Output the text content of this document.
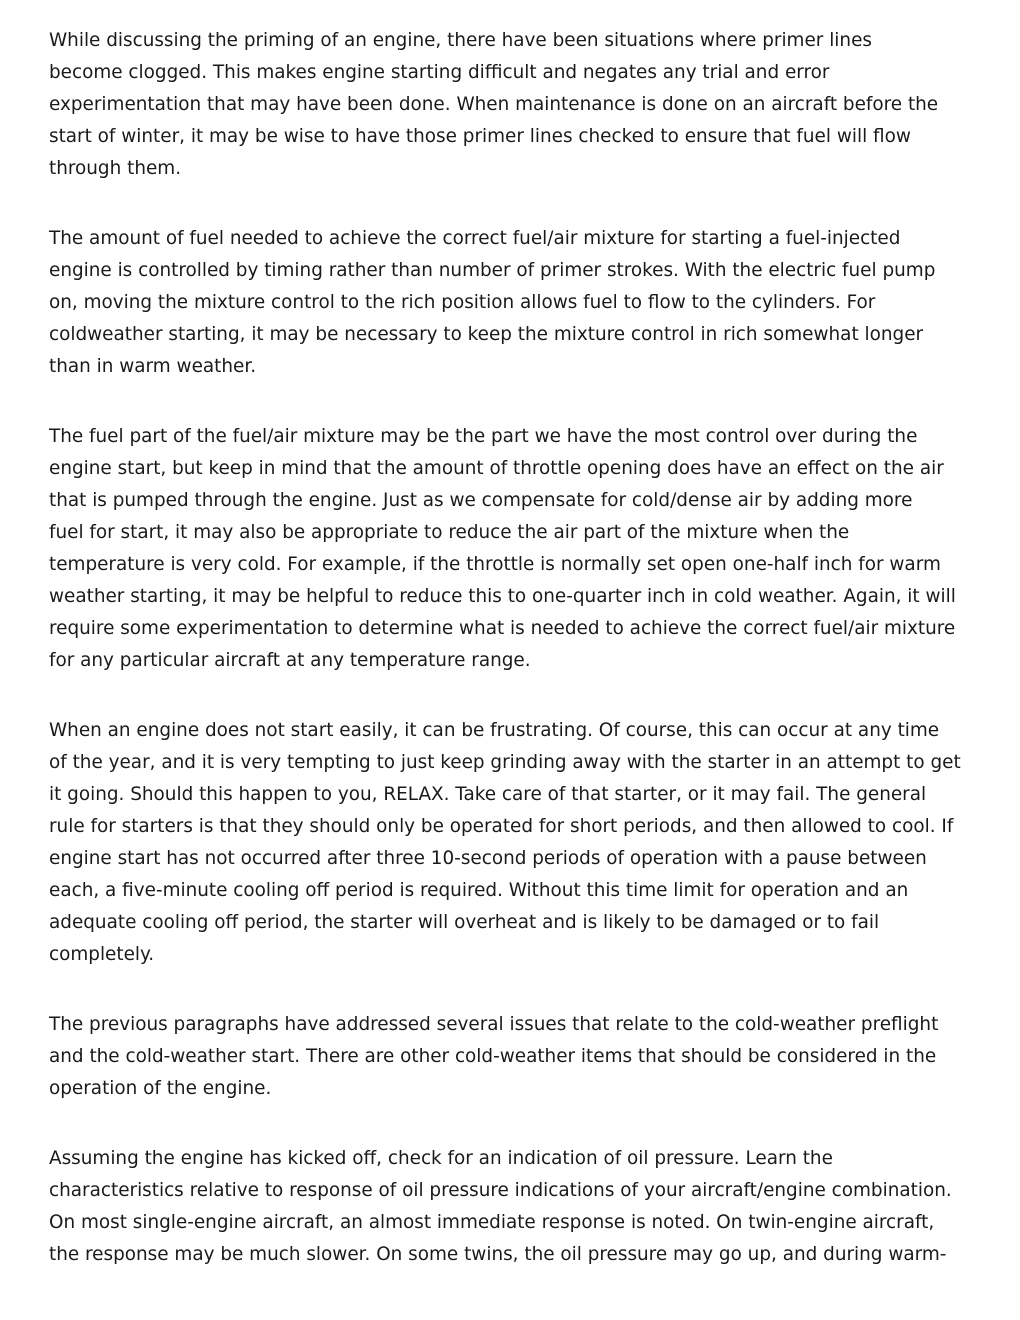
While discussing the priming of an engine, there have been situations where primer lines
become clogged. This makes engine starting difficult and negates any trial and error
experimentation that may have been done. When maintenance is done on an aircraft before the
start of winter, it may be wise to have those primer lines checked to ensure that fuel will flow
through them.

The amount of fuel needed to achieve the correct fuel/air mixture for starting a fuel-injected
engine is controlled by timing rather than number of primer strokes. With the electric fuel pump
on, moving the mixture control to the rich position allows fuel to flow to the cylinders. For
coldweather starting, it may be necessary to keep the mixture control in rich somewhat longer
than in warm weather.

The fuel part of the fuel/air mixture may be the part we have the most control over during the
engine start, but keep in mind that the amount of throttle opening does have an effect on the air
that is pumped through the engine. Just as we compensate for cold/dense air by adding more
fuel for start, it may also be appropriate to reduce the air part of the mixture when the
temperature is very cold. For example, if the throttle is normally set open one-half inch for warm
weather starting, it may be helpful to reduce this to one-quarter inch in cold weather. Again, it will
require some experimentation to determine what is needed to achieve the correct fuel/air mixture
for any particular aircraft at any temperature range.

When an engine does not start easily, it can be frustrating. Of course, this can occur at any time
of the year, and it is very tempting to just keep grinding away with the starter in an attempt to get
it going. Should this happen to you, RELAX. Take care of that starter, or it may fail. The general
rule for starters is that they should only be operated for short periods, and then allowed to cool. If
engine start has not occurred after three 10-second periods of operation with a pause between
each, a five-minute cooling off period is required. Without this time limit for operation and an
adequate cooling off period, the starter will overheat and is likely to be damaged or to fail
completely.

The previous paragraphs have addressed several issues that relate to the cold-weather preflight
and the cold-weather start. There are other cold-weather items that should be considered in the
operation of the engine.

Assuming the engine has kicked off, check for an indication of oil pressure. Learn the
characteristics relative to response of oil pressure indications of your aircraft/engine combination.
On most single-engine aircraft, an almost immediate response is noted. On twin-engine aircraft,
the response may be much slower. On some twins, the oil pressure may go up, and during warm-
